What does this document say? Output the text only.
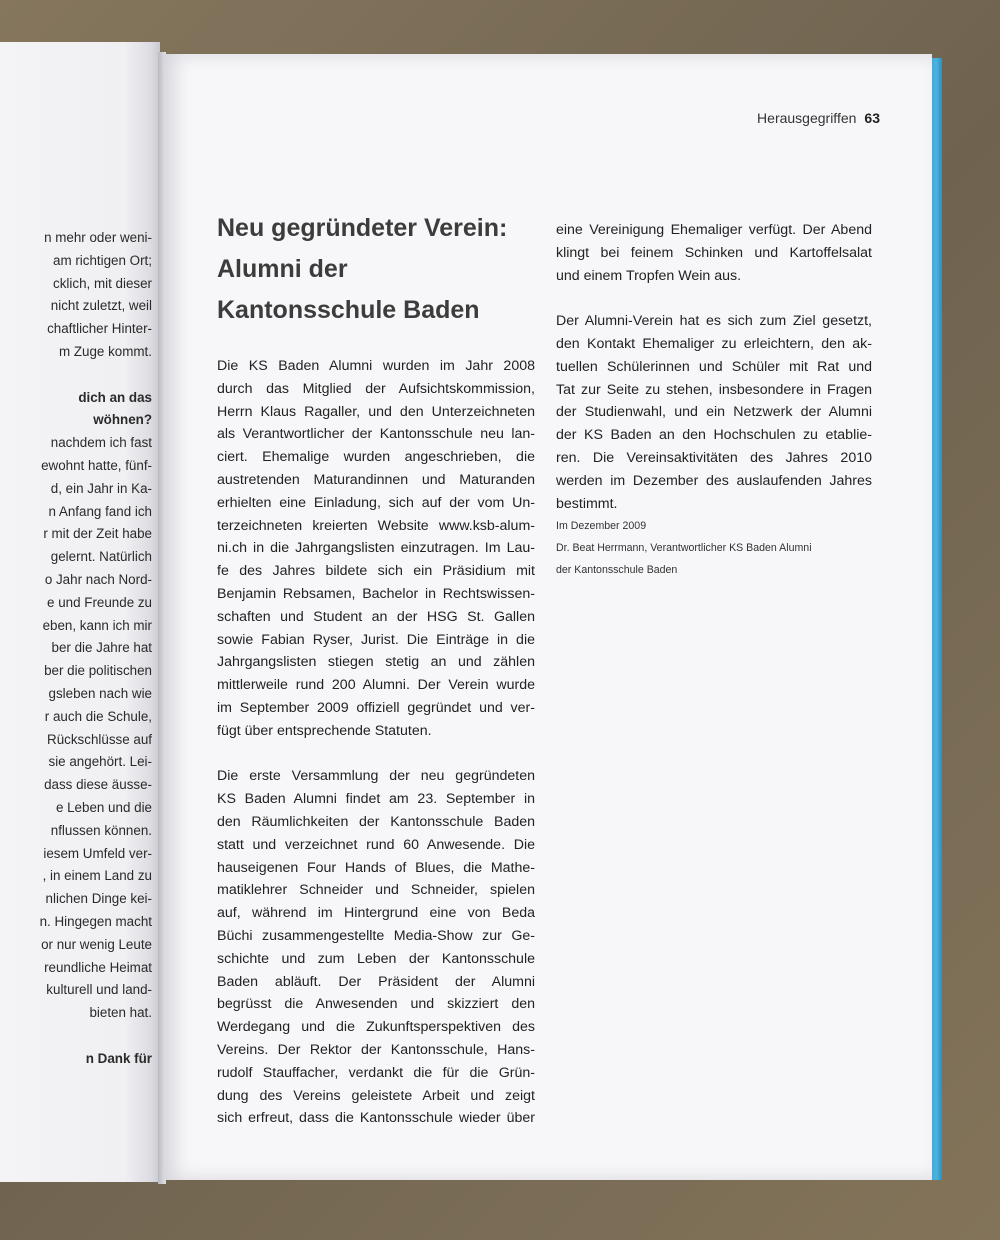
n mehr oder weni-
am richtigen Ort;
cklich, mit dieser
nicht zuletzt, weil
chaftlicher Hinter-
m Zuge kommt.
dich an das
wöhnen?
nachdem ich fast
ewohnt hatte, fünf-
d, ein Jahr in Ka-
n Anfang fand ich
r mit der Zeit habe
gelernt. Natürlich
o Jahr nach Nord-
e und Freunde zu
eben, kann ich mir
ber die Jahre hat
ber die politischen
gsleben nach wie
r auch die Schule,
Rückschlüsse auf
sie angehört. Lei-
dass diese äusse-
e Leben und die
nflussen können.
iesem Umfeld ver-
, in einem Land zu
nlichen Dinge kei-
n. Hingegen macht
or nur wenig Leute
reundliche Heimat
kulturell und land-
bieten hat.
n Dank für
Herausgegriffen 63
Neu gegründeter Verein:
Alumni der
Kantonsschule Baden
Die KS Baden Alumni wurden im Jahr 2008
durch das Mitglied der Aufsichtskommission,
Herrn Klaus Ragaller, und den Unterzeichneten
als Verantwortlicher der Kantonsschule neu lan-
ciert. Ehemalige wurden angeschrieben, die
austretenden Maturandinnen und Maturanden
erhielten eine Einladung, sich auf der vom Un-
terzeichneten kreierten Website www.ksb-alum-
ni.ch in die Jahrgangslisten einzutragen. Im Lau-
fe des Jahres bildete sich ein Präsidium mit
Benjamin Rebsamen, Bachelor in Rechtswissen-
schaften und Student an der HSG St. Gallen
sowie Fabian Ryser, Jurist. Die Einträge in die
Jahrgangslisten stiegen stetig an und zählen
mittlerweile rund 200 Alumni. Der Verein wurde
im September 2009 offiziell gegründet und ver-
fügt über entsprechende Statuten.
Die erste Versammlung der neu gegründeten
KS Baden Alumni findet am 23. September in
den Räumlichkeiten der Kantonsschule Baden
statt und verzeichnet rund 60 Anwesende. Die
hauseigenen Four Hands of Blues, die Mathe-
matiklehrer Schneider und Schneider, spielen
auf, während im Hintergrund eine von Beda
Büchi zusammengestellte Media-Show zur Ge-
schichte und zum Leben der Kantonsschule
Baden abläuft. Der Präsident der Alumni
begrüsst die Anwesenden und skizziert den
Werdegang und die Zukunftsperspektiven des
Vereins. Der Rektor der Kantonsschule, Hans-
rudolf Stauffacher, verdankt die für die Grün-
dung des Vereins geleistete Arbeit und zeigt
sich erfreut, dass die Kantonsschule wieder über
eine Vereinigung Ehemaliger verfügt. Der Abend
klingt bei feinem Schinken und Kartoffelsalat
und einem Tropfen Wein aus.
Der Alumni-Verein hat es sich zum Ziel gesetzt,
den Kontakt Ehemaliger zu erleichtern, den ak-
tuellen Schülerinnen und Schüler mit Rat und
Tat zur Seite zu stehen, insbesondere in Fragen
der Studienwahl, und ein Netzwerk der Alumni
der KS Baden an den Hochschulen zu etablie-
ren. Die Vereinsaktivitäten des Jahres 2010
werden im Dezember des auslaufenden Jahres
bestimmt.
Im Dezember 2009
Dr. Beat Herrmann, Verantwortlicher KS Baden Alumni
der Kantonsschule Baden
